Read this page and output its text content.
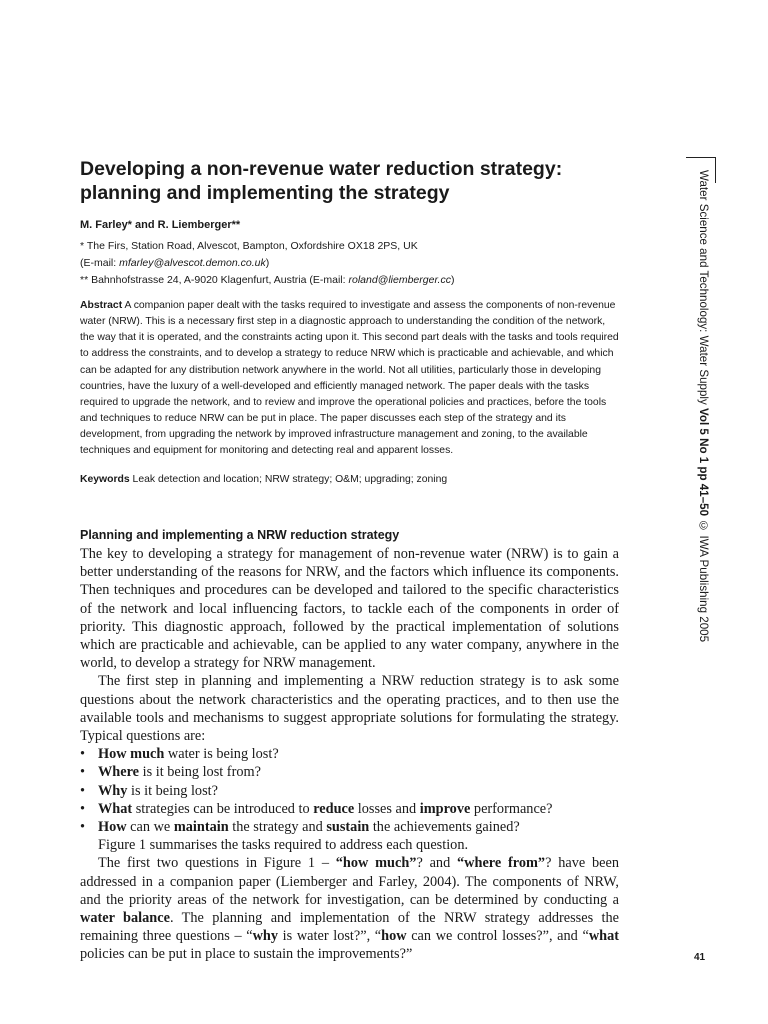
Developing a non-revenue water reduction strategy:
planning and implementing the strategy

M. Farley* and R. Liemberger**

* The Firs, Station Road, Alvescot, Bampton, Oxfordshire OX18 2PS, UK
(E-mail: mfarley@alvescot.demon.co.uk)
** Bahnhofstrasse 24, A-9020 Klagenfurt, Austria (E-mail: roland@liemberger.cc)

Abstract A companion paper dealt with the tasks required to investigate and assess the components of non-revenue water (NRW). This is a necessary first step in a diagnostic approach to understanding the condition of the network, the way that it is operated, and the constraints acting upon it. This second part deals with the tasks and tools required to address the constraints, and to develop a strategy to reduce NRW which is practicable and achievable, and which can be adapted for any distribution network anywhere in the world. Not all utilities, particularly those in developing countries, have the luxury of a well-developed and efficiently managed network. The paper deals with the tasks required to upgrade the network, and to review and improve the operational policies and practices, before the tools and techniques to reduce NRW can be put in place. The paper discusses each step of the strategy and its development, from upgrading the network by improved infrastructure management and zoning, to the available techniques and equipment for monitoring and detecting real and apparent losses.

Keywords Leak detection and location; NRW strategy; O&M; upgrading; zoning

Planning and implementing a NRW reduction strategy

The key to developing a strategy for management of non-revenue water (NRW) is to gain a better understanding of the reasons for NRW, and the factors which influence its components. Then techniques and procedures can be developed and tailored to the specific characteristics of the network and local influencing factors, to tackle each of the components in order of priority. This diagnostic approach, followed by the practical implementation of solutions which are practicable and achievable, can be applied to any water company, anywhere in the world, to develop a strategy for NRW management.

The first step in planning and implementing a NRW reduction strategy is to ask some questions about the network characteristics and the operating practices, and to then use the available tools and mechanisms to suggest appropriate solutions for formulating the strategy. Typical questions are:

• How much water is being lost?
• Where is it being lost from?
• Why is it being lost?
• What strategies can be introduced to reduce losses and improve performance?
• How can we maintain the strategy and sustain the achievements gained?

Figure 1 summarises the tasks required to address each question.

The first two questions in Figure 1 – “how much”? and “where from”? have been addressed in a companion paper (Liemberger and Farley, 2004). The components of NRW, and the priority areas of the network for investigation, can be determined by conducting a water balance. The planning and implementation of the NRW strategy addresses the remaining three questions – “why is water lost?”, “how can we control losses?”, and “what policies can be put in place to sustain the improvements?”

Water Science and Technology: Water Supply Vol 5 No 1 pp 41–50 © IWA Publishing 2005
41
